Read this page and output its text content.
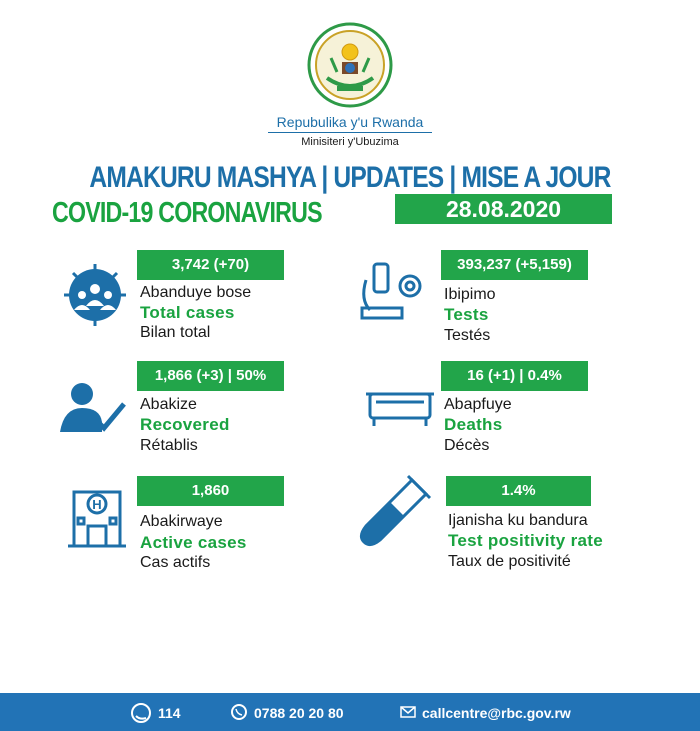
Repubulika y'u Rwanda
Minisiteri y'Ubuzima
AMAKURU MASHYA | UPDATES | MISE A JOUR
COVID-19 CORONAVIRUS	28.08.2020
3,742 (+70)
Abanduye bose
Total cases
Bilan total
393,237 (+5,159)
Ibipimo
Tests
Testés
1,866 (+3) | 50%
Abakize
Recovered
Rétablis
16 (+1) | 0.4%
Abapfuye
Deaths
Décès
H
1,860
Abakirwaye
Active cases
Cas actifs
1.4%
Ijanisha ku bandura
Test positivity rate
Taux de positivité
114	0788 20 20 80	callcentre@rbc.gov.rw
